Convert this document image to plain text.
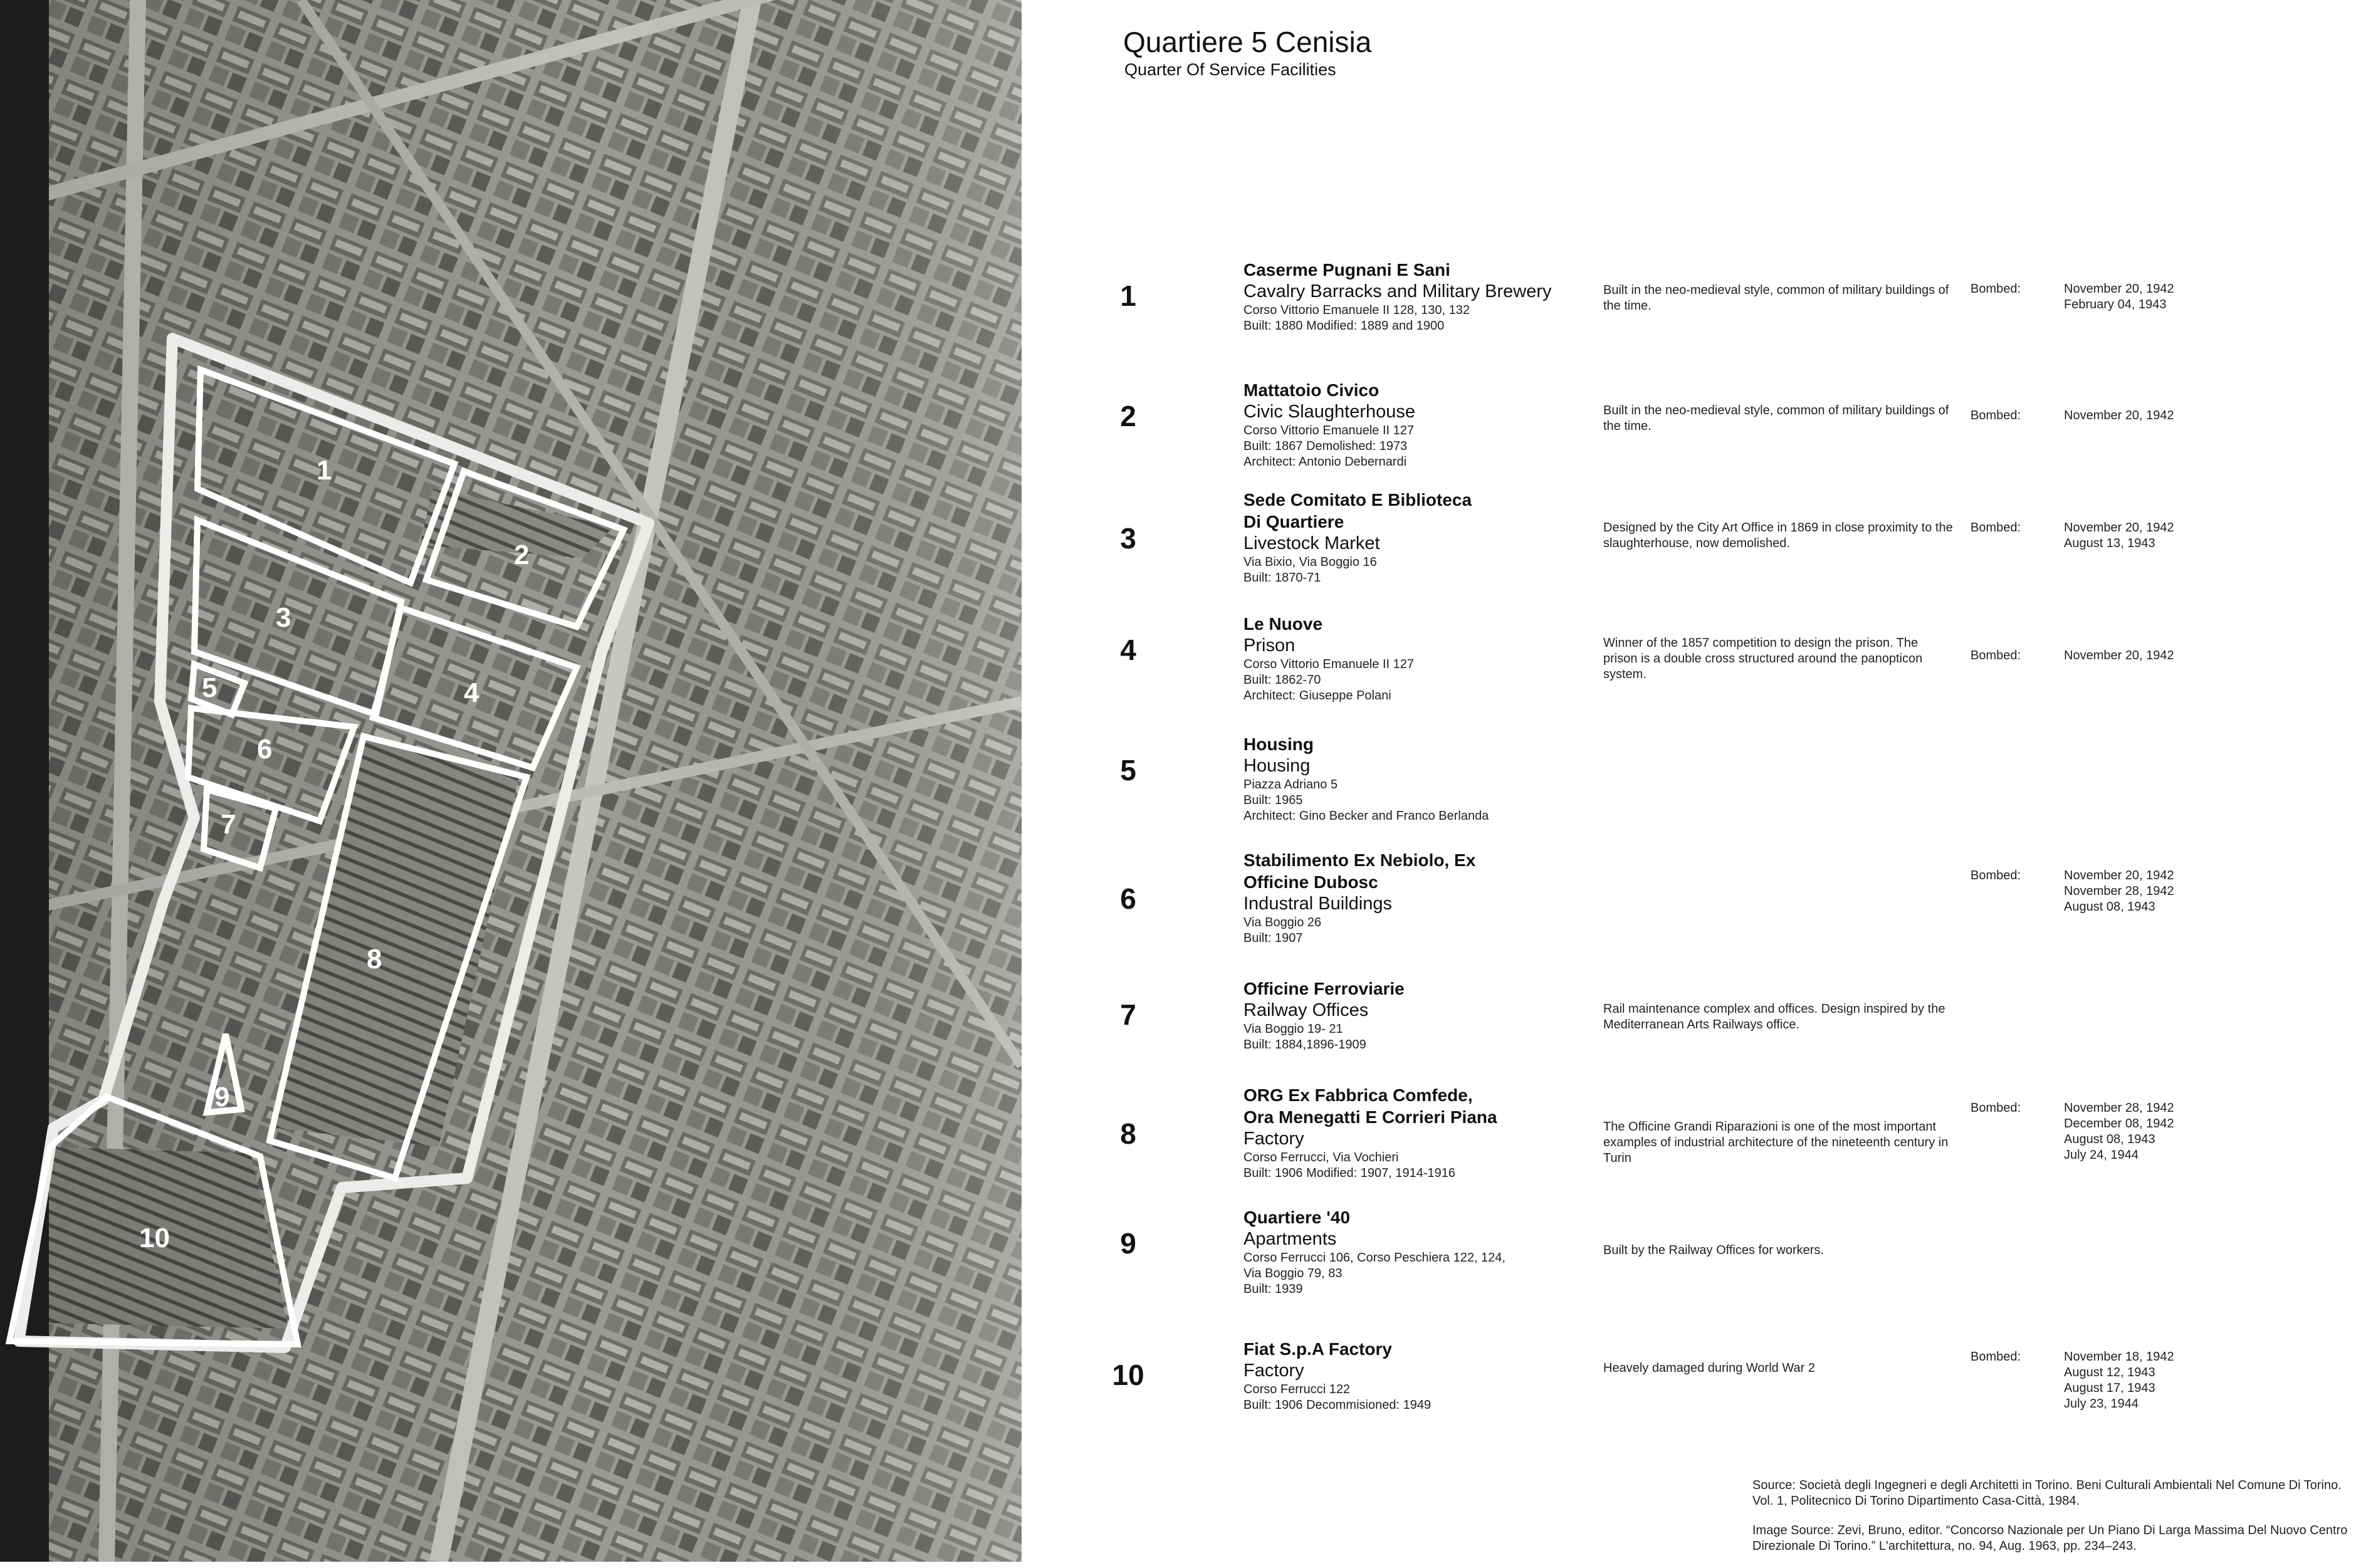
1
2
3
4
5
6
7
8
9
10
Quartiere 5 Cenisia
Quarter Of Service Facilities
1
Caserme Pugnani E Sani
Cavalry Barracks and Military Brewery
Corso Vittorio Emanuele II 128, 130, 132
Built: 1880 Modified: 1889 and 1900
Built in the neo-medieval style, common of military buildings of the time.
Bombed:	November 20, 1942
February 04, 1943
2
Mattatoio Civico
Civic Slaughterhouse
Corso Vittorio Emanuele II 127
Built: 1867 Demolished: 1973
Architect: Antonio Debernardi
Built in the neo-medieval style, common of military buildings of the time.
Bombed:	November 20, 1942
3
Sede Comitato E Biblioteca
Di Quartiere
Livestock Market
Via Bixio, Via Boggio 16
Built: 1870-71
Designed by the City Art Office in 1869 in close proximity to the slaughterhouse, now demolished.
Bombed:	November 20, 1942
August 13, 1943
4
Le Nuove
Prison
Corso Vittorio Emanuele II 127
Built: 1862-70
Architect: Giuseppe Polani
Winner of the 1857 competition to design the prison. The prison is a double cross structured around the panopticon system.
Bombed:	November 20, 1942
5
Housing
Housing
Piazza Adriano 5
Built: 1965
Architect: Gino Becker and Franco Berlanda
6
Stabilimento Ex Nebiolo, Ex
Officine Dubosc
Industral Buildings
Via Boggio 26
Built: 1907
Bombed:	November 20, 1942
November 28, 1942
August 08, 1943
7
Officine Ferroviarie
Railway Offices
Via Boggio 19- 21
Built: 1884,1896-1909
Rail maintenance complex and offices. Design inspired by the Mediterranean Arts Railways office.
8
ORG Ex Fabbrica Comfede,
Ora Menegatti E Corrieri Piana
Factory
Corso Ferrucci, Via Vochieri
Built: 1906 Modified: 1907, 1914-1916
The Officine Grandi Riparazioni is one of the most important examples of industrial architecture of the nineteenth century in Turin
Bombed:	November 28, 1942
December 08, 1942
August 08, 1943
July 24, 1944
9
Quartiere '40
Apartments
Corso Ferrucci 106, Corso Peschiera 122, 124,
Via Boggio 79, 83
Built: 1939
Built by the Railway Offices for workers.
10
Fiat S.p.A Factory
Factory
Corso Ferrucci 122
Built: 1906 Decommisioned: 1949
Heavely damaged during World War 2
Bombed:	November 18, 1942
August 12, 1943
August 17, 1943
July 23, 1944

Source: Società degli Ingegneri e degli Architetti in Torino. Beni Culturali Ambientali Nel Comune Di Torino. Vol. 1, Politecnico Di Torino Dipartimento Casa-Città, 1984.

Image Source: Zevi, Bruno, editor. “Concorso Nazionale per Un Piano Di Larga Massima Del Nuovo Centro Direzionale Di Torino.” L'architettura, no. 94, Aug. 1963, pp. 234–243.
